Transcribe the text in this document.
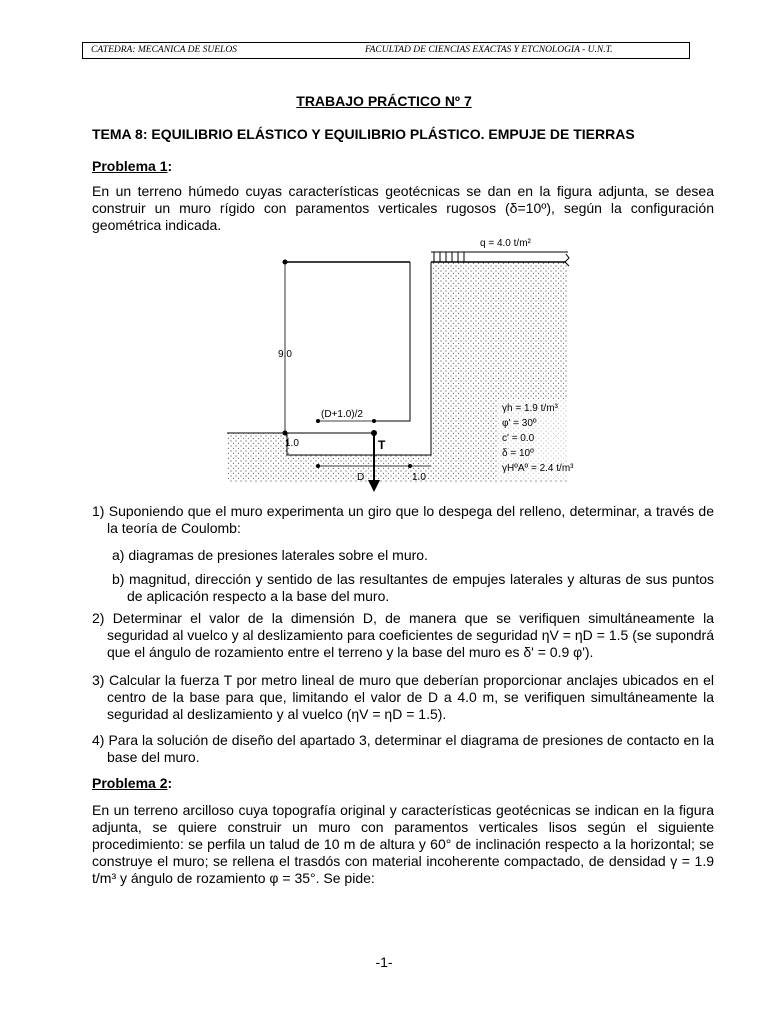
CATEDRA: MECANICA DE SUELOS	FACULTAD DE CIENCIAS EXACTAS Y ETCNOLOGIA - U.N.T.
TRABAJO PRÁCTICO Nº 7
TEMA 8: EQUILIBRIO ELÁSTICO Y EQUILIBRIO PLÁSTICO. EMPUJE DE TIERRAS
Problema 1:
En un terreno húmedo cuyas características geotécnicas se dan en la figura adjunta, se desea construir un muro rígido con paramentos verticales rugosos (δ=10º), según la configuración geométrica indicada.
q = 4.0 t/m²
9.0
(D+1.0)/2
1.0
D	1.0
T
γh = 1.9 t/m³
φ' = 30º
c' = 0.0
δ = 10º
γHºAº = 2.4 t/m³
1) Suponiendo que el muro experimenta un giro que lo despega del relleno, determinar, a través de la teoría de Coulomb:
a) diagramas de presiones laterales sobre el muro.
b) magnitud, dirección y sentido de las resultantes de empujes laterales y alturas de sus puntos de aplicación respecto a la base del muro.
2) Determinar el valor de la dimensión D, de manera que se verifiquen simultáneamente la seguridad al vuelco y al deslizamiento para coeficientes de seguridad ηV = ηD = 1.5 (se supondrá que el ángulo de rozamiento entre el terreno y la base del muro es δ' = 0.9 φ').
3) Calcular la fuerza T por metro lineal de muro que deberían proporcionar anclajes ubicados en el centro de la base para que, limitando el valor de D a 4.0 m, se verifiquen simultáneamente la seguridad al deslizamiento y al vuelco (ηV = ηD = 1.5).
4) Para la solución de diseño del apartado 3, determinar el diagrama de presiones de contacto en la base del muro.
Problema 2:
En un terreno arcilloso cuya topografía original y características geotécnicas se indican en la figura adjunta, se quiere construir un muro con paramentos verticales lisos según el siguiente procedimiento: se perfila un talud de 10 m de altura y 60° de inclinación respecto a la horizontal; se construye el muro; se rellena el trasdós con material incoherente compactado, de densidad γ = 1.9 t/m³ y ángulo de rozamiento φ = 35°. Se pide:
-1-
